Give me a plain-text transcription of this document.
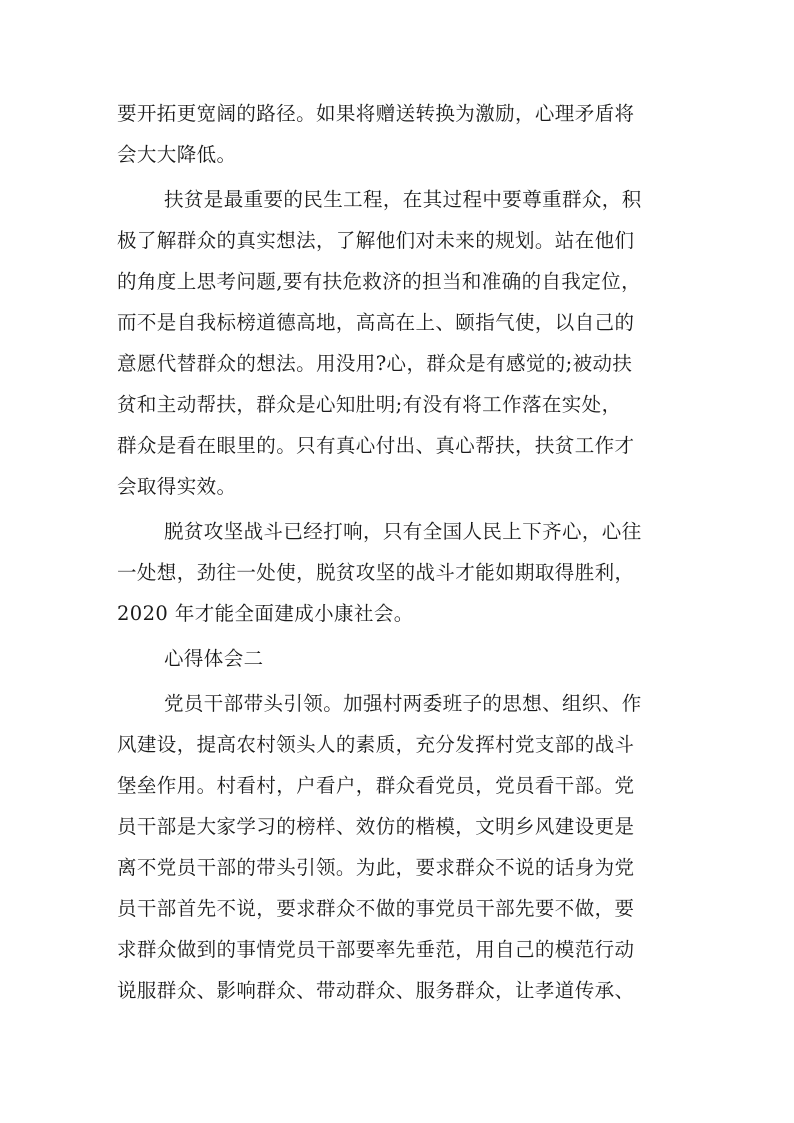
要开拓更宽阔的路径。如果将赠送转换为激励，心理矛盾将
会大大降低。
扶贫是最重要的民生工程，在其过程中要尊重群众，积
极了解群众的真实想法，了解他们对未来的规划。站在他们
的角度上思考问题,要有扶危救济的担当和准确的自我定位，
而不是自我标榜道德高地，高高在上、颐指气使，以自己的
意愿代替群众的想法。用没用?心，群众是有感觉的;被动扶
贫和主动帮扶，群众是心知肚明;有没有将工作落在实处，
群众是看在眼里的。只有真心付出、真心帮扶，扶贫工作才
会取得实效。
脱贫攻坚战斗已经打响，只有全国人民上下齐心，心往
一处想，劲往一处使，脱贫攻坚的战斗才能如期取得胜利，
2020 年才能全面建成小康社会。
心得体会二
党员干部带头引领。加强村两委班子的思想、组织、作
风建设，提高农村领头人的素质，充分发挥村党支部的战斗
堡垒作用。村看村，户看户，群众看党员，党员看干部。党
员干部是大家学习的榜样、效仿的楷模，文明乡风建设更是
离不党员干部的带头引领。为此，要求群众不说的话身为党
员干部首先不说，要求群众不做的事党员干部先要不做，要
求群众做到的事情党员干部要率先垂范，用自己的模范行动
说服群众、影响群众、带动群众、服务群众，让孝道传承、
